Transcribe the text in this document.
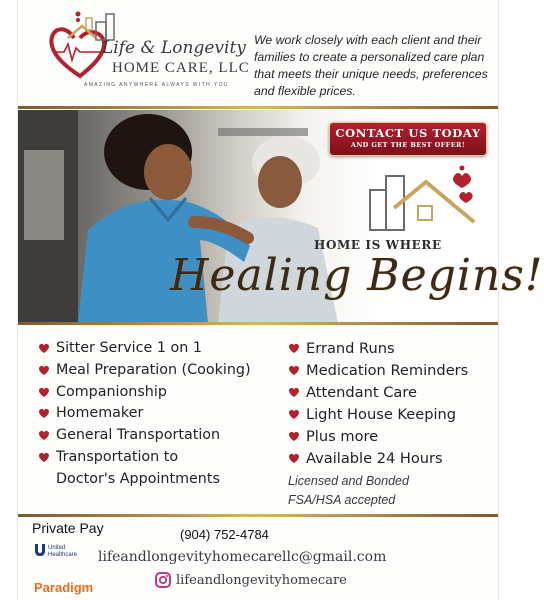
Life & Longevity
HOME CARE, LLC
AMAZING ANYWHERE ALWAYS WITH YOU

We work closely with each client and their families to create a personalized care plan that meets their unique needs, preferences and flexible prices.

CONTACT US TODAY
AND GET THE BEST OFFER!
HOME IS WHERE
Healing Begins!
Sitter Service 1 on 1
Meal Preparation (Cooking)
Companionship
Homemaker
General Transportation
Transportation to
Doctor's Appointments
Errand Runs
Medication Reminders
Attendant Care
Light House Keeping
Plus more
Available 24 Hours
Licensed and Bonded
FSA/HSA accepted
Private Pay	(904) 752-4784
United
Healthcare	lifeandlongevityhomecarellc@gmail.com
lifeandlongevityhomecare
Paradigm
